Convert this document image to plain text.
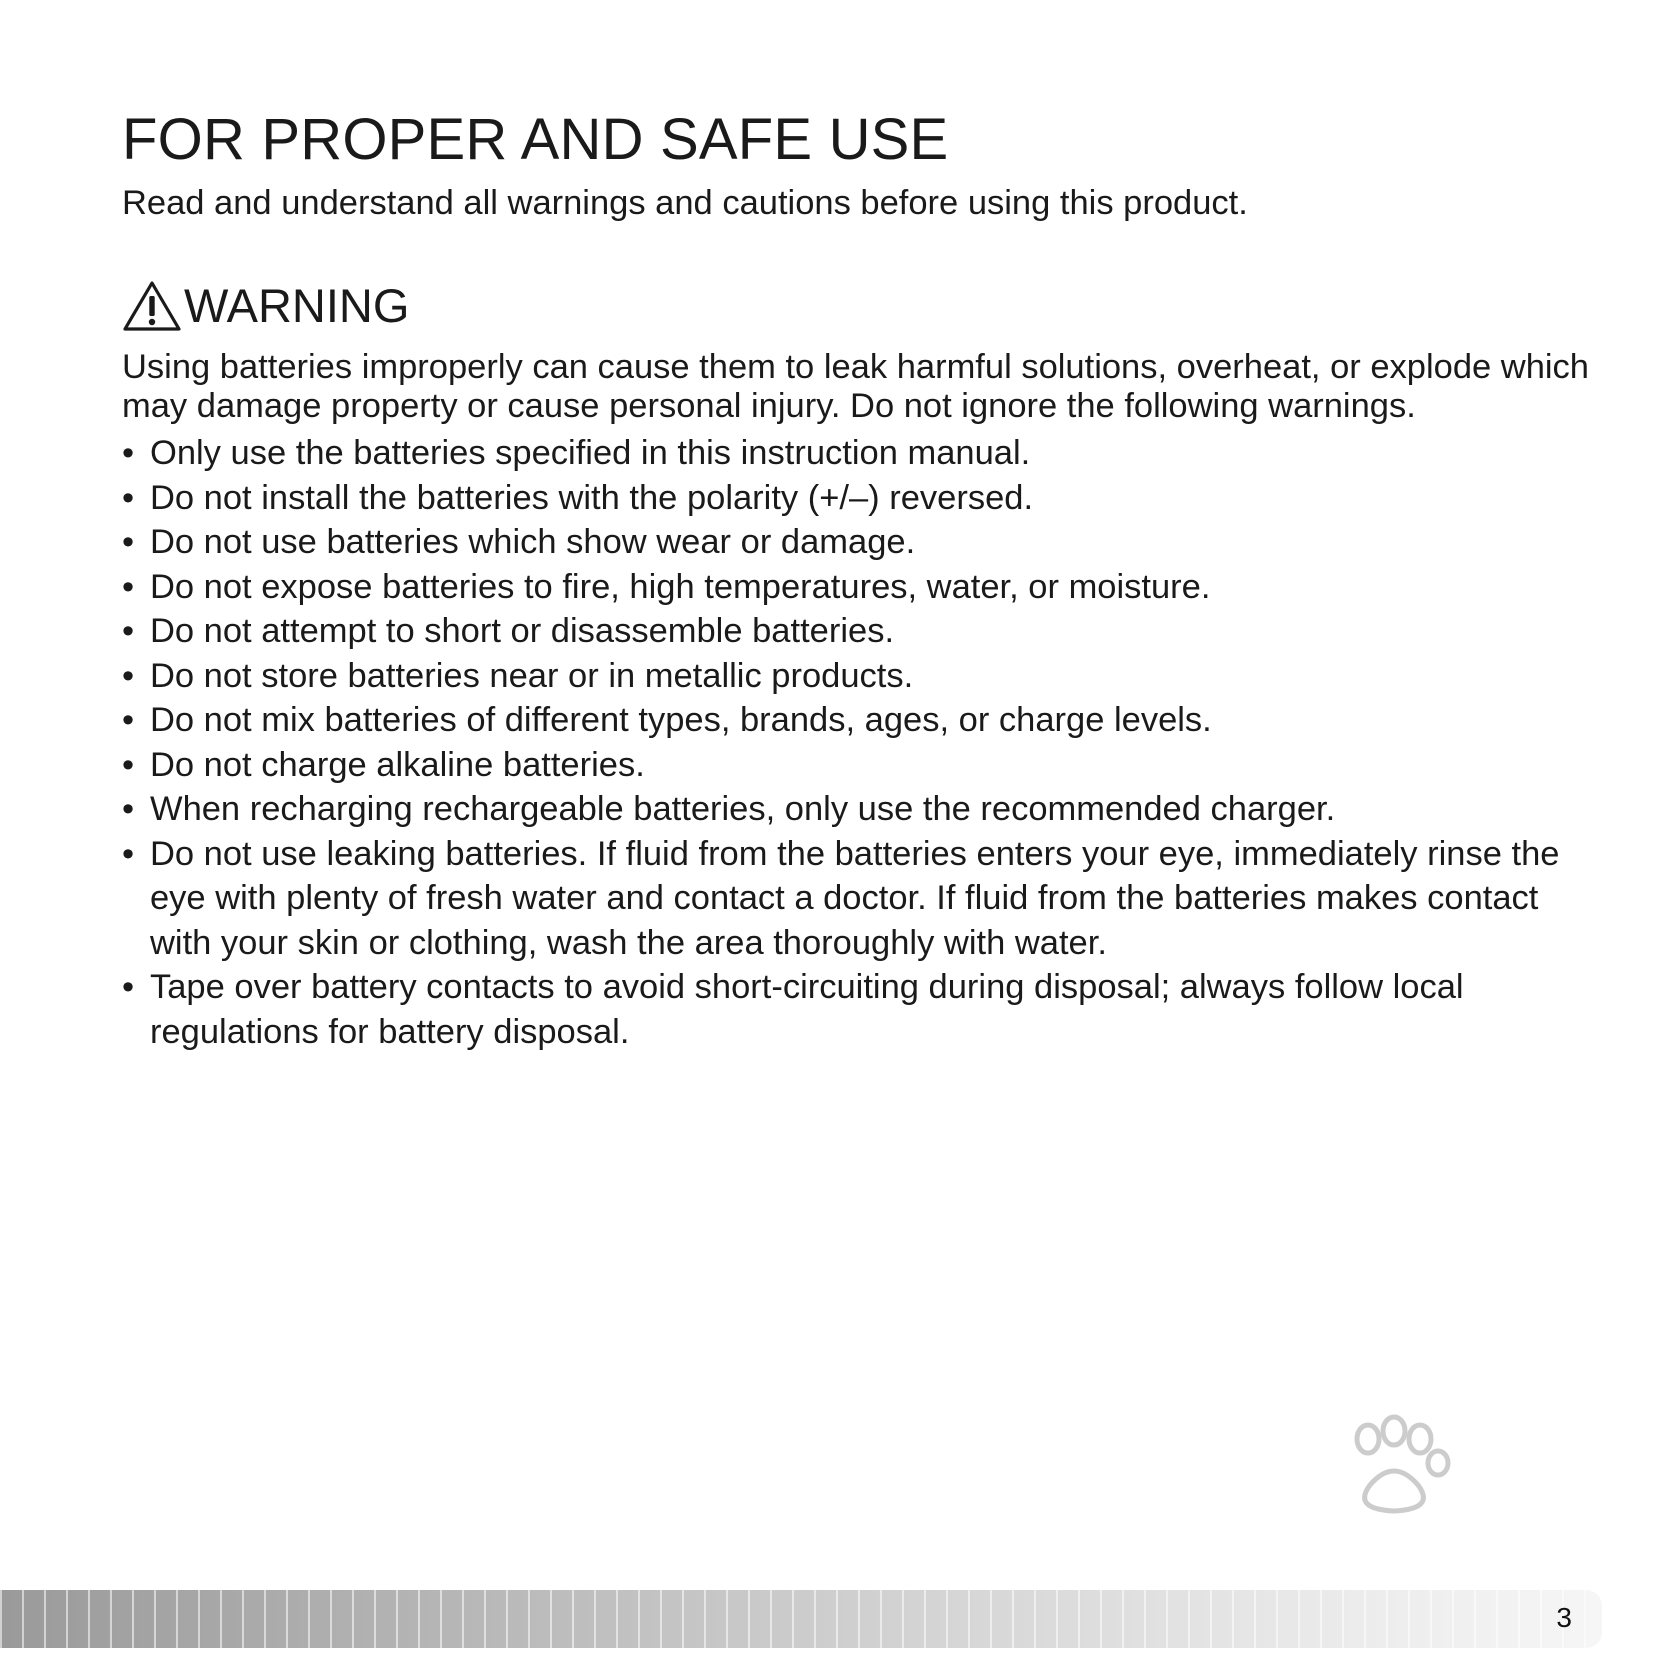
FOR PROPER AND SAFE USE

Read and understand all warnings and cautions before using this product.

WARNING

Using batteries improperly can cause them to leak harmful solutions, overheat, or explode which may damage property or cause personal injury. Do not ignore the following warnings.

• Only use the batteries specified in this instruction manual.
• Do not install the batteries with the polarity (+/–) reversed.
• Do not use batteries which show wear or damage.
• Do not expose batteries to fire, high temperatures, water, or moisture.
• Do not attempt to short or disassemble batteries.
• Do not store batteries near or in metallic products.
• Do not mix batteries of different types, brands, ages, or charge levels.
• Do not charge alkaline batteries.
• When recharging rechargeable batteries, only use the recommended charger.
• Do not use leaking batteries. If fluid from the batteries enters your eye, immediately rinse the eye with plenty of fresh water and contact a doctor. If fluid from the batteries makes contact with your skin or clothing, wash the area thoroughly with water.
• Tape over battery contacts to avoid short-circuiting during disposal; always follow local regulations for battery disposal.
3
